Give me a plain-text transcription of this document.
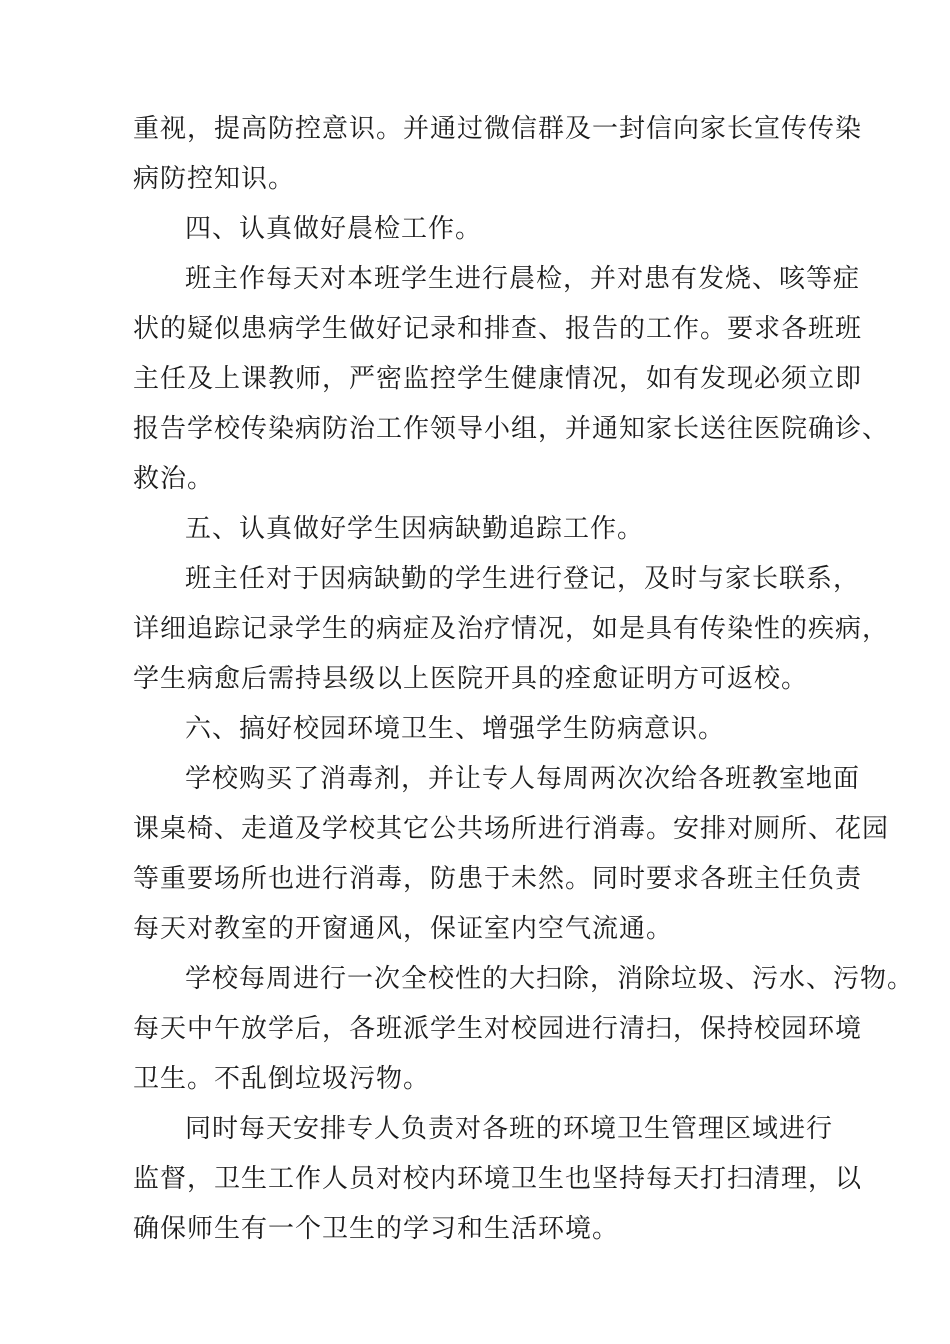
重视，提高防控意识。并通过微信群及一封信向家长宣传传染
病防控知识。
四、认真做好晨检工作。
班主作每天对本班学生进行晨检，并对患有发烧、咳等症
状的疑似患病学生做好记录和排查、报告的工作。要求各班班
主任及上课教师，严密监控学生健康情况，如有发现必须立即
报告学校传染病防治工作领导小组，并通知家长送往医院确诊、
救治。
五、认真做好学生因病缺勤追踪工作。
班主任对于因病缺勤的学生进行登记，及时与家长联系，
详细追踪记录学生的病症及治疗情况，如是具有传染性的疾病，
学生病愈后需持县级以上医院开具的痊愈证明方可返校。
六、搞好校园环境卫生、增强学生防病意识。
学校购买了消毒剂，并让专人每周两次次给各班教室地面
课桌椅、走道及学校其它公共场所进行消毒。安排对厕所、花园
等重要场所也进行消毒，防患于未然。同时要求各班主任负责
每天对教室的开窗通风，保证室内空气流通。
学校每周进行一次全校性的大扫除，消除垃圾、污水、污物。
每天中午放学后，各班派学生对校园进行清扫，保持校园环境
卫生。不乱倒垃圾污物。
同时每天安排专人负责对各班的环境卫生管理区域进行
监督，卫生工作人员对校内环境卫生也坚持每天打扫清理，以
确保师生有一个卫生的学习和生活环境。
